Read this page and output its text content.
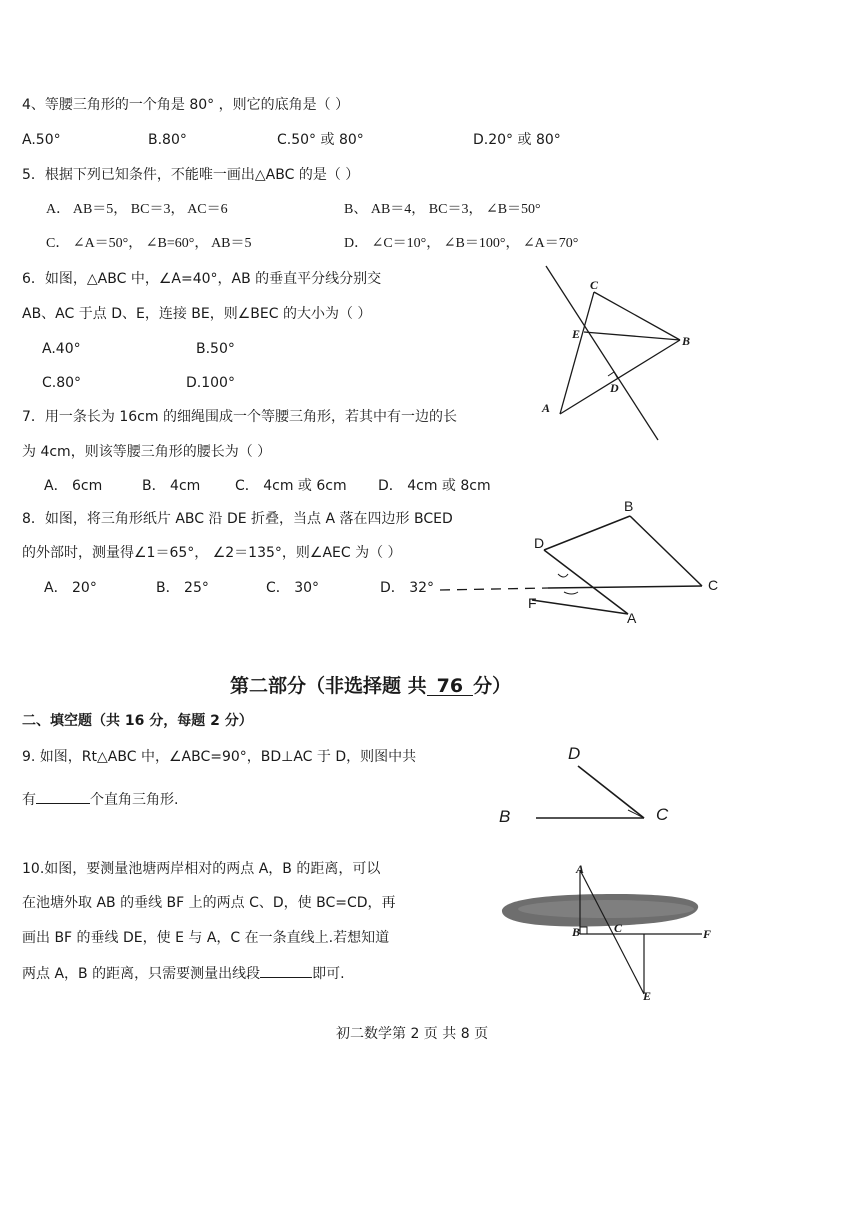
4、等腰三角形的一个角是 80° ，则它的底角是（ ）
A.50°	B.80°	C.50° 或 80°	D.20° 或 80°
5．根据下列已知条件，不能唯一画出△ABC 的是（ ）
A． AB＝5， BC＝3， AC＝6	B、 AB＝4， BC＝3， ∠B＝50°
C． ∠A＝50°， ∠B=60°， AB＝5	D． ∠C＝10°， ∠B＝100°， ∠A＝70°
6．如图，△ABC 中，∠A=40°，AB 的垂直平分线分别交
AB、AC 于点 D、E，连接 BE，则∠BEC 的大小为（ ）
A.40°	B.50°
C.80°	D.100°
C
E	B
D
A
7．用一条长为 16cm 的细绳围成一个等腰三角形，若其中有一边的长
为 4cm，则该等腰三角形的腰长为（ ）
A． 6cm	B． 4cm C． 4cm 或 6cm D． 4cm 或 8cm
8．如图，将三角形纸片 ABC 沿 DE 折叠，当点 A 落在四边形 BCED
的外部时，测量得∠1＝65°， ∠2＝135°，则∠AEC 为（ ）
A． 20°	B． 25°	C． 30°	D． 32°
B
D
C
F
A
第二部分（非选择题 共 76 分）
二、填空题（共 16 分，每题 2 分）
9. 如图，Rt△ABC 中，∠ABC=90°，BD⊥AC 于 D，则图中共
有	个直角三角形.
D
B	C
10.如图，要测量池塘两岸相对的两点 A，B 的距离，可以
在池塘外取 AB 的垂线 BF 上的两点 C、D，使 BC=CD，再
画出 BF 的垂线 DE，使 E 与 A，C 在一条直线上.若想知道
两点 A，B 的距离，只需要测量出线段	即可.
A
B	C	F
E
初二数学第 2 页 共 8 页
